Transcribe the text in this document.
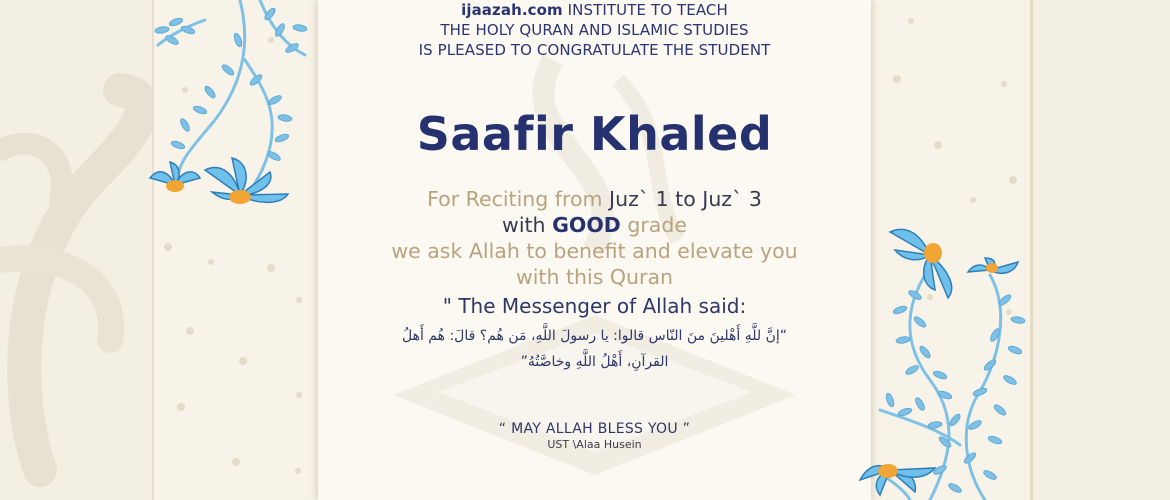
ijaazah.com INSTITUTE TO TEACH
THE HOLY QURAN AND ISLAMIC STUDIES
IS PLEASED TO CONGRATULATE THE STUDENT
Saafir Khaled
For Reciting from Juz` 1 to Juz` 3
with GOOD grade
we ask Allah to benefit and elevate you
with this Quran
" The Messenger of Allah said:
“إنَّ للَّهِ أَهْلينَ منَ النّاس قالوا: يا رسولَ اللَّهِ، مَن هُم؟ قالَ: هُم أَهلُ
القرآنِ، أَهْلُ اللَّهِ وخاصَّتُهُ”
“ MAY ALLAH BLESS YOU ”
UST \Alaa Husein
